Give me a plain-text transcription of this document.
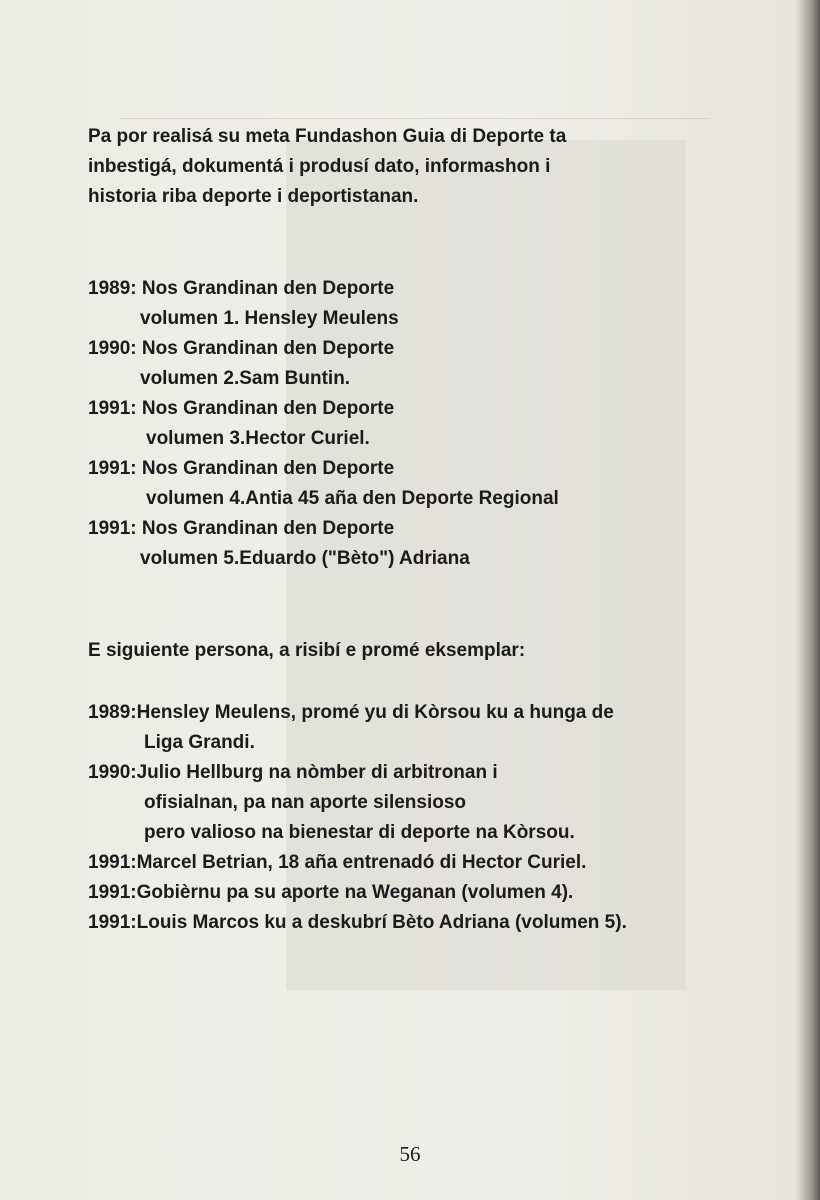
Pa por realisá su meta Fundashon Guia di Deporte ta
inbestigá, dokumentá i produsí dato, informashon i
historia riba deporte i deportistanan.

1989: Nos Grandinan den Deporte
volumen 1. Hensley Meulens
1990: Nos Grandinan den Deporte
volumen 2.Sam Buntin.
1991: Nos Grandinan den Deporte
volumen 3.Hector Curiel.
1991: Nos Grandinan den Deporte
volumen 4.Antia 45 aña den Deporte Regional
1991: Nos Grandinan den Deporte
volumen 5.Eduardo ("Bèto") Adriana

E siguiente persona, a risibí e promé eksemplar:

1989:Hensley Meulens, promé yu di Kòrsou ku a hunga de
Liga Grandi.
1990:Julio Hellburg na nòmber di arbitronan i
ofisialnan, pa nan aporte silensioso
pero valioso na bienestar di deporte na Kòrsou.
1991:Marcel Betrian, 18 aña entrenadó di Hector Curiel.
1991:Gobièrnu pa su aporte na Weganan (volumen 4).
1991:Louis Marcos ku a deskubrí Bèto Adriana (volumen 5).
56
